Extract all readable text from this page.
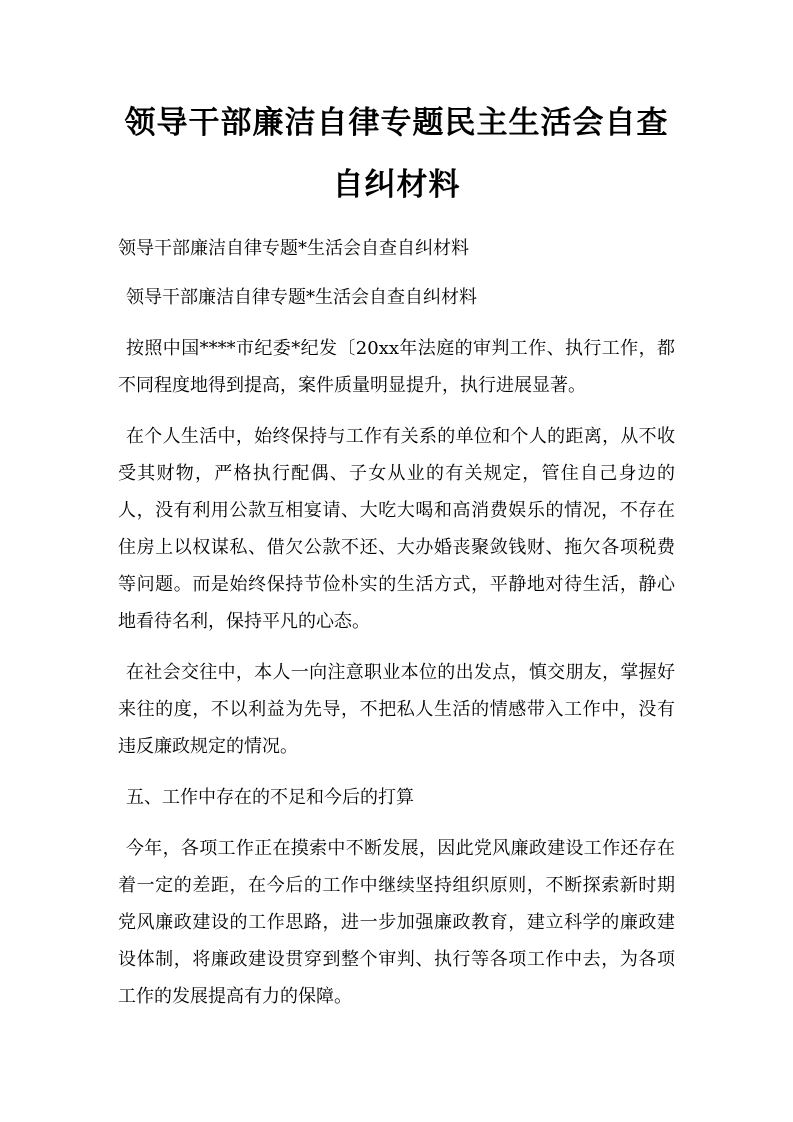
领导干部廉洁自律专题民主生活会自查自纠材料

领导干部廉洁自律专题*生活会自查自纠材料

领导干部廉洁自律专题*生活会自查自纠材料

按照中国****市纪委*纪发〔20xx年法庭的审判工作、执行工作，都不同程度地得到提高，案件质量明显提升，执行进展显著。

在个人生活中，始终保持与工作有关系的单位和个人的距离，从不收受其财物，严格执行配偶、子女从业的有关规定，管住自己身边的人，没有利用公款互相宴请、大吃大喝和高消费娱乐的情况，不存在住房上以权谋私、借欠公款不还、大办婚丧聚敛钱财、拖欠各项税费等问题。而是始终保持节俭朴实的生活方式，平静地对待生活，静心地看待名利，保持平凡的心态。

在社会交往中，本人一向注意职业本位的出发点，慎交朋友，掌握好来往的度，不以利益为先导，不把私人生活的情感带入工作中，没有违反廉政规定的情况。

五、工作中存在的不足和今后的打算

今年，各项工作正在摸索中不断发展，因此党风廉政建设工作还存在着一定的差距，在今后的工作中继续坚持组织原则，不断探索新时期党风廉政建设的工作思路，进一步加强廉政教育，建立科学的廉政建设体制，将廉政建设贯穿到整个审判、执行等各项工作中去，为各项工作的发展提高有力的保障。
